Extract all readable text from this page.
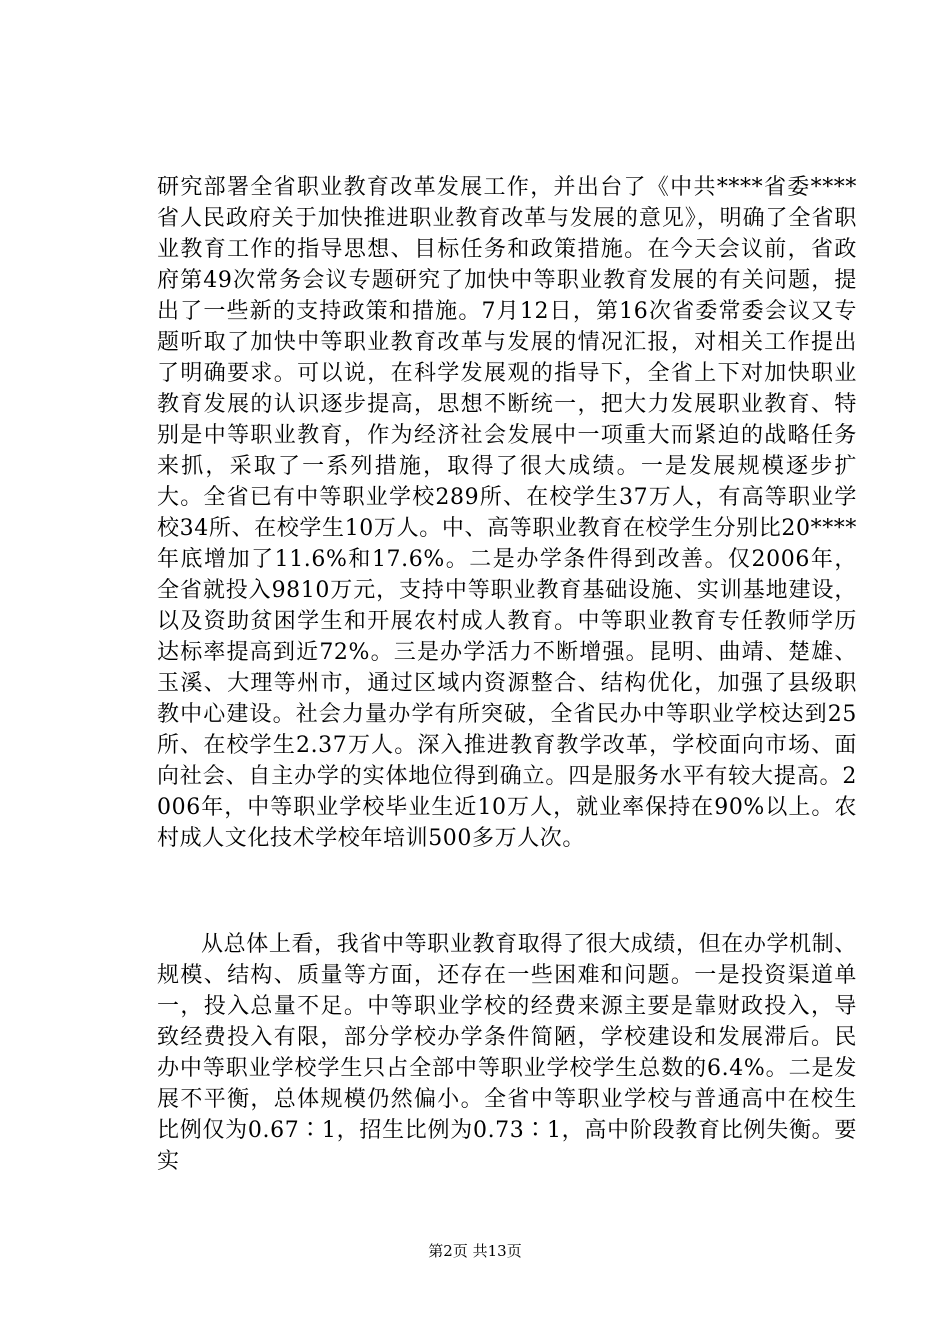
研究部署全省职业教育改革发展工作，并出台了《中共****省委****省人民政府关于加快推进职业教育改革与发展的意见》，明确了全省职业教育工作的指导思想、目标任务和政策措施。在今天会议前，省政府第49次常务会议专题研究了加快中等职业教育发展的有关问题，提出了一些新的支持政策和措施。7月12日，第16次省委常委会议又专题听取了加快中等职业教育改革与发展的情况汇报，对相关工作提出了明确要求。可以说，在科学发展观的指导下，全省上下对加快职业教育发展的认识逐步提高，思想不断统一，把大力发展职业教育、特别是中等职业教育，作为经济社会发展中一项重大而紧迫的战略任务来抓，采取了一系列措施，取得了很大成绩。一是发展规模逐步扩大。全省已有中等职业学校289所、在校学生37万人，有高等职业学校34所、在校学生10万人。中、高等职业教育在校学生分别比20****年底增加了11.6%和17.6%。二是办学条件得到改善。仅2006年，全省就投入9810万元，支持中等职业教育基础设施、实训基地建设，以及资助贫困学生和开展农村成人教育。中等职业教育专任教师学历达标率提高到近72%。三是办学活力不断增强。昆明、曲靖、楚雄、玉溪、大理等州市，通过区域内资源整合、结构优化，加强了县级职教中心建设。社会力量办学有所突破，全省民办中等职业学校达到25所、在校学生2.37万人。深入推进教育教学改革，学校面向市场、面向社会、自主办学的实体地位得到确立。四是服务水平有较大提高。2006年，中等职业学校毕业生近10万人，就业率保持在90%以上。农村成人文化技术学校年培训500多万人次。

从总体上看，我省中等职业教育取得了很大成绩，但在办学机制、规模、结构、质量等方面，还存在一些困难和问题。一是投资渠道单一，投入总量不足。中等职业学校的经费来源主要是靠财政投入，导致经费投入有限，部分学校办学条件简陋，学校建设和发展滞后。民办中等职业学校学生只占全部中等职业学校学生总数的6.4%。二是发展不平衡，总体规模仍然偏小。全省中等职业学校与普通高中在校生比例仅为0.67∶1，招生比例为0.73∶1，高中阶段教育比例失衡。要实

第2页 共13页
